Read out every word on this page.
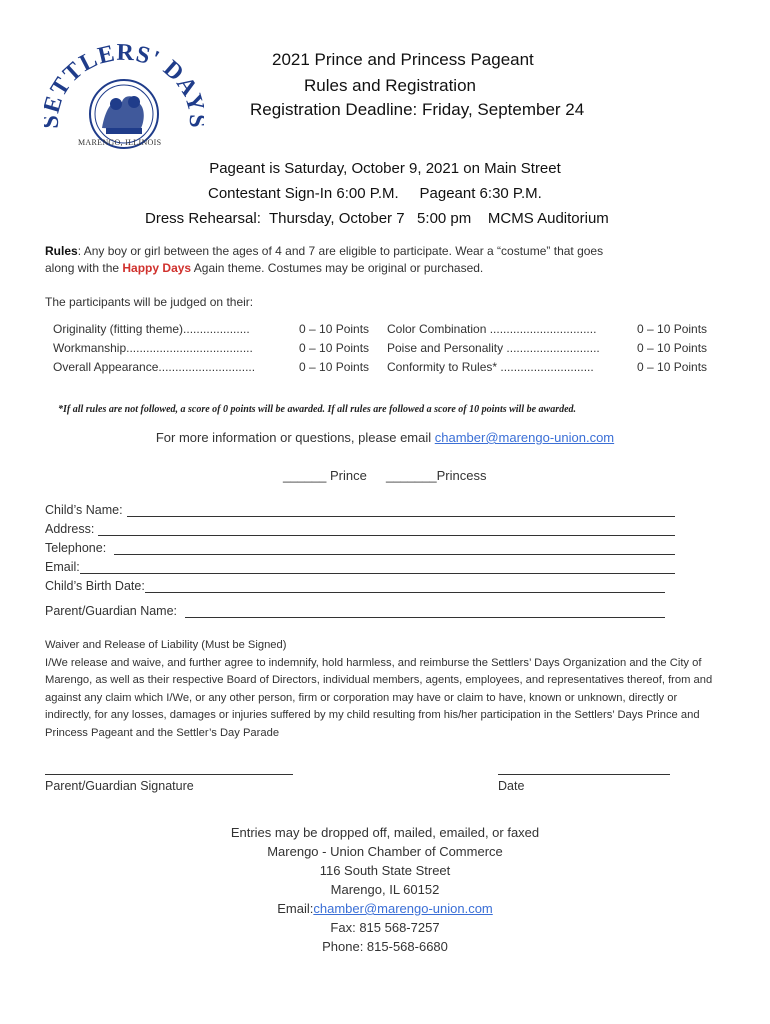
TTLERS' DA
MARENGO, ILLINOIS
2021 Prince and Princess Pageant
Rules and Registration
Registration Deadline: Friday, September 24
Pageant is Saturday, October 9, 2021 on Main Street
Contestant Sign-In 6:00 P.M.     Pageant 6:30 P.M.
Dress Rehearsal:  Thursday, October 7   5:00 pm    MCMS Auditorium
Rules: Any boy or girl between the ages of 4 and 7 are eligible to participate. Wear a “costume” that goes
along with the Happy Days Again theme. Costumes may be original or purchased.
The participants will be judged on their:
Originality (fitting theme)....................	0 – 10 Points Color Combination ................................	0 – 10 Points
Workmanship......................................	0 – 10 Points Poise and Personality ............................	0 – 10 Points
Overall Appearance.............................	0 – 10 Points Conformity to Rules* ............................	0 – 10 Points
*If all rules are not followed, a score of 0 points will be awarded. If all rules are followed a score of 10 points will be awarded.
For more information or questions, please email chamber@marengo-union.com
______ Prince _______Princess
Child’s Name:
Address:
Telephone:
Email:
Child’s Birth Date:
Parent/Guardian Name:
Waiver and Release of Liability (Must be Signed)
I/We release and waive, and further agree to indemnify, hold harmless, and reimburse the Settlers’ Days Organization and the City of Marengo, as well as their respective Board of Directors, individual members, agents, employees, and representatives thereof, from and against any claim which I/We, or any other person, firm or corporation may have or claim to have, known or unknown, directly or indirectly, for any losses, damages or injuries suffered by my child resulting from his/her participation in the Settlers’ Days Prince and Princess Pageant and the Settler’s Day Parade
Parent/Guardian Signature	Date
Entries may be dropped off, mailed, emailed, or faxed
Marengo - Union Chamber of Commerce
116 South State Street
Marengo, IL 60152
Email:chamber@marengo-union.com
Fax: 815 568-7257
Phone: 815-568-6680
